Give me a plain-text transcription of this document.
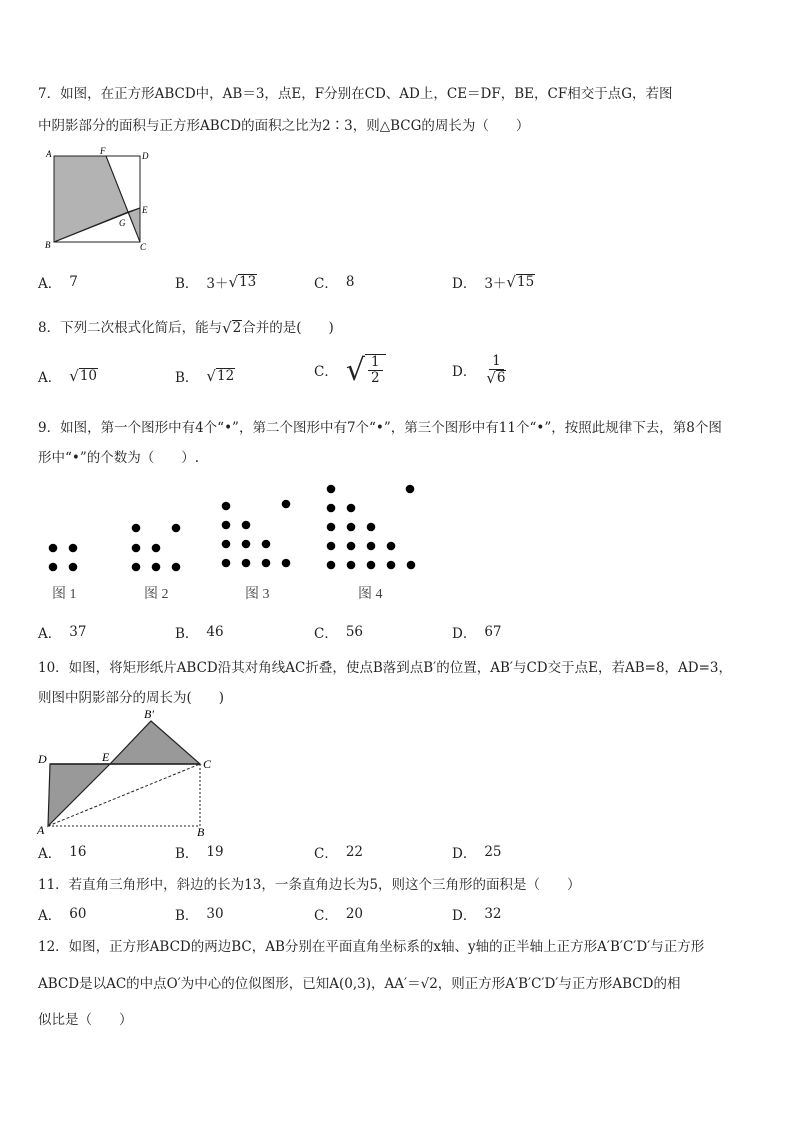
7．如图，在正方形ABCD中，AB＝3，点E，F分别在CD、AD上，CE＝DF，BE，CF相交于点G，若图
中阴影部分的面积与正方形ABCD的面积之比为2∶3，则△BCG的周长为（　　）
A	F	D
E
G
B	C
A． 7	B． 3＋ √ 13	C． 8	D． 3＋ √ 15
8．下列二次根式化简后，能与 √ 2 合并的是(　　)
A． √ 10	B． √ 12	C． √ $\frac{1}{2}$	D． $\frac{1}{√ 6}$
9．如图，第一个图形中有4个“•”，第二个图形中有7个“•”，第三个图形中有11个“•”，按照此规律下去，第8个图
形中“•”的个数为（　　）.
图 1	图 2	图 3	图 4
A． 37	B． 46	C． 56	D． 67
10．如图，将矩形纸片ABCD沿其对角线AC折叠，使点B落到点B′的位置，AB′与CD交于点E，若AB=8，AD=3，
则图中阴影部分的周长为(　　)
B′
D	E	C
A	B
A． 16	B． 19	C． 22	D． 25
11．若直角三角形中，斜边的长为13，一条直角边长为5，则这个三角形的面积是（　　）
A． 60	B． 30	C． 20	D． 32
12．如图，正方形ABCD的两边BC，AB分别在平面直角坐标系的x轴、y轴的正半轴上正方形A′B′C′D′与正方形
ABCD是以AC的中点O′为中心的位似图形，已知A(0,3)，AA′＝√2，则正方形A′B′C′D′与正方形ABCD的相
似比是（　　）
